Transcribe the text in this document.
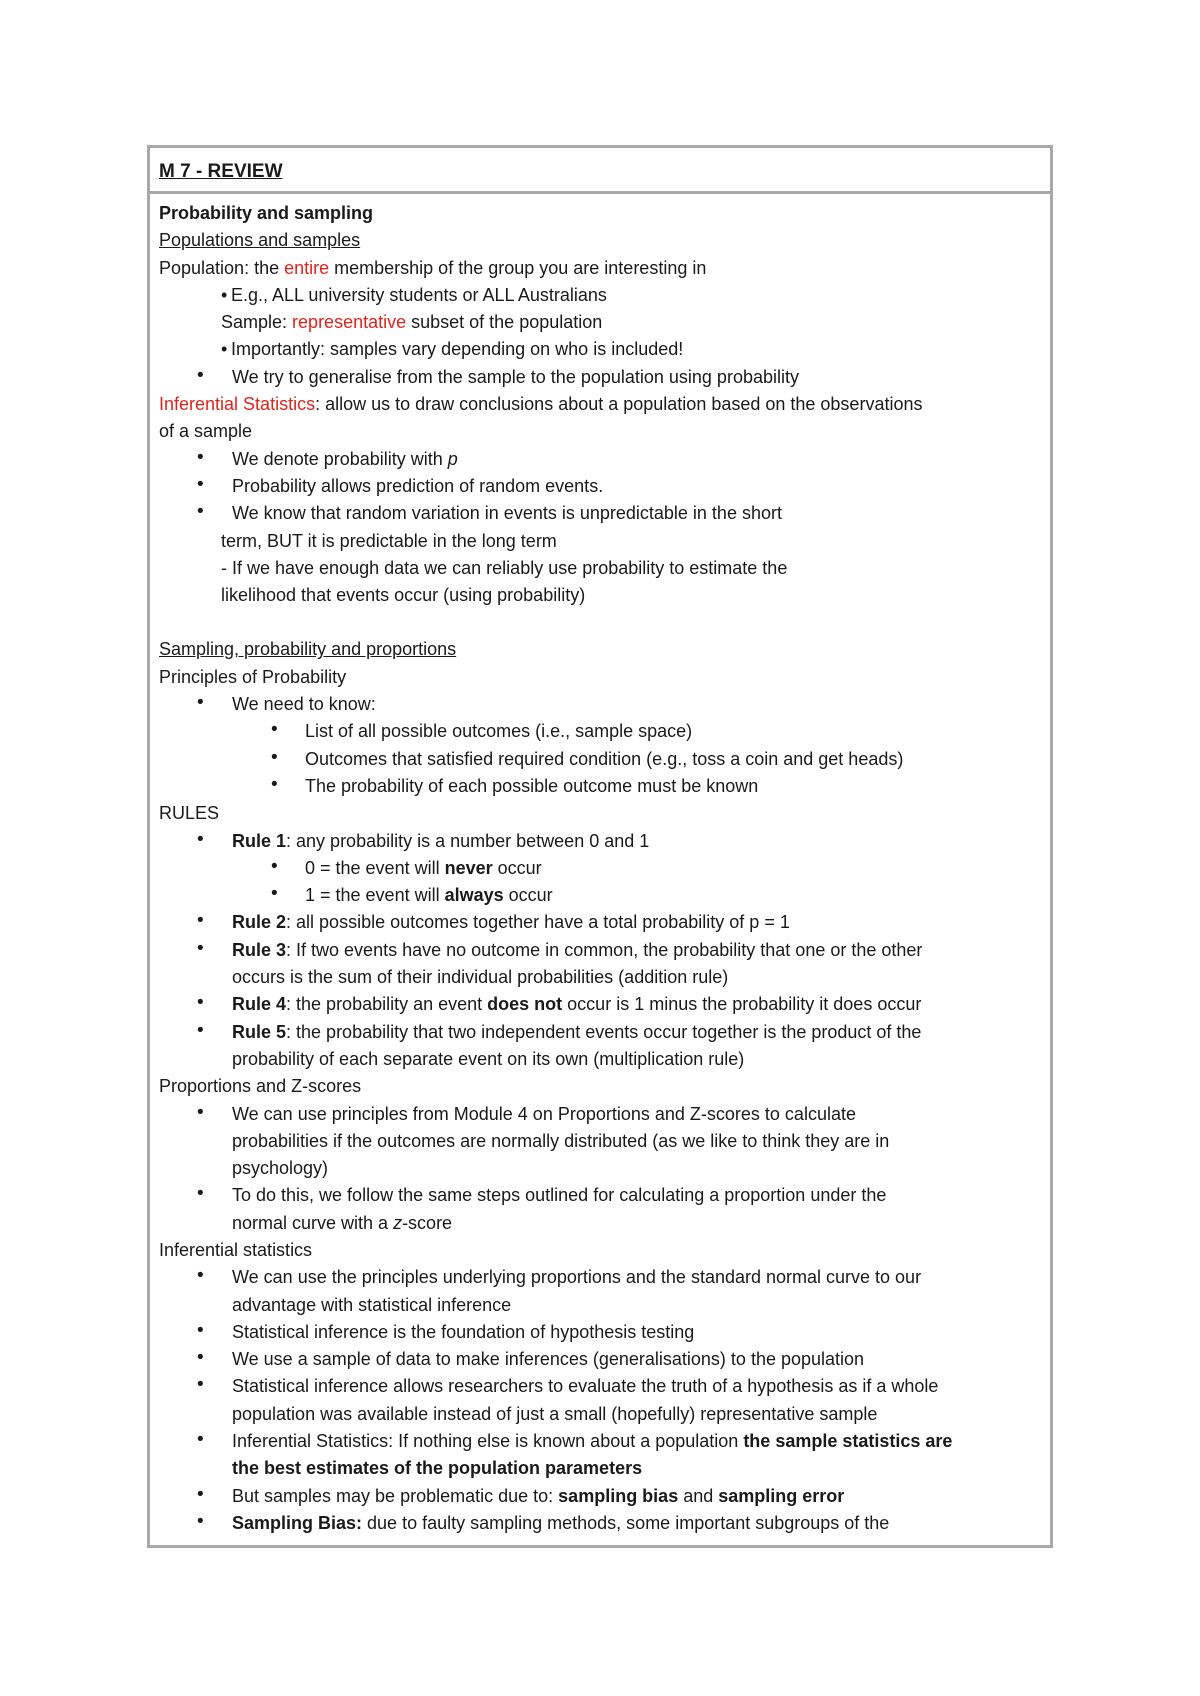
M 7 - REVIEW
Probability and sampling
Populations and samples
Population: the entire membership of the group you are interesting in
• E.g., ALL university students or ALL Australians
Sample: representative subset of the population
• Importantly: samples vary depending on who is included!
• We try to generalise from the sample to the population using probability
Inferential Statistics: allow us to draw conclusions about a population based on the observations
of a sample
• We denote probability with p
• Probability allows prediction of random events.
• We know that random variation in events is unpredictable in the short
term, BUT it is predictable in the long term
- If we have enough data we can reliably use probability to estimate the
likelihood that events occur (using probability)
Sampling, probability and proportions
Principles of Probability
• We need to know:
• List of all possible outcomes (i.e., sample space)
• Outcomes that satisfied required condition (e.g., toss a coin and get heads)
• The probability of each possible outcome must be known
RULES
• Rule 1: any probability is a number between 0 and 1
• 0 = the event will never occur
• 1 = the event will always occur
• Rule 2: all possible outcomes together have a total probability of p = 1
• Rule 3: If two events have no outcome in common, the probability that one or the other
occurs is the sum of their individual probabilities (addition rule)
• Rule 4: the probability an event does not occur is 1 minus the probability it does occur
• Rule 5: the probability that two independent events occur together is the product of the
probability of each separate event on its own (multiplication rule)
Proportions and Z-scores
• We can use principles from Module 4 on Proportions and Z-scores to calculate
probabilities if the outcomes are normally distributed (as we like to think they are in
psychology)
• To do this, we follow the same steps outlined for calculating a proportion under the
normal curve with a z-score
Inferential statistics
• We can use the principles underlying proportions and the standard normal curve to our
advantage with statistical inference
• Statistical inference is the foundation of hypothesis testing
• We use a sample of data to make inferences (generalisations) to the population
• Statistical inference allows researchers to evaluate the truth of a hypothesis as if a whole
population was available instead of just a small (hopefully) representative sample
• Inferential Statistics: If nothing else is known about a population the sample statistics are
the best estimates of the population parameters
• But samples may be problematic due to: sampling bias and sampling error
• Sampling Bias: due to faulty sampling methods, some important subgroups of the
